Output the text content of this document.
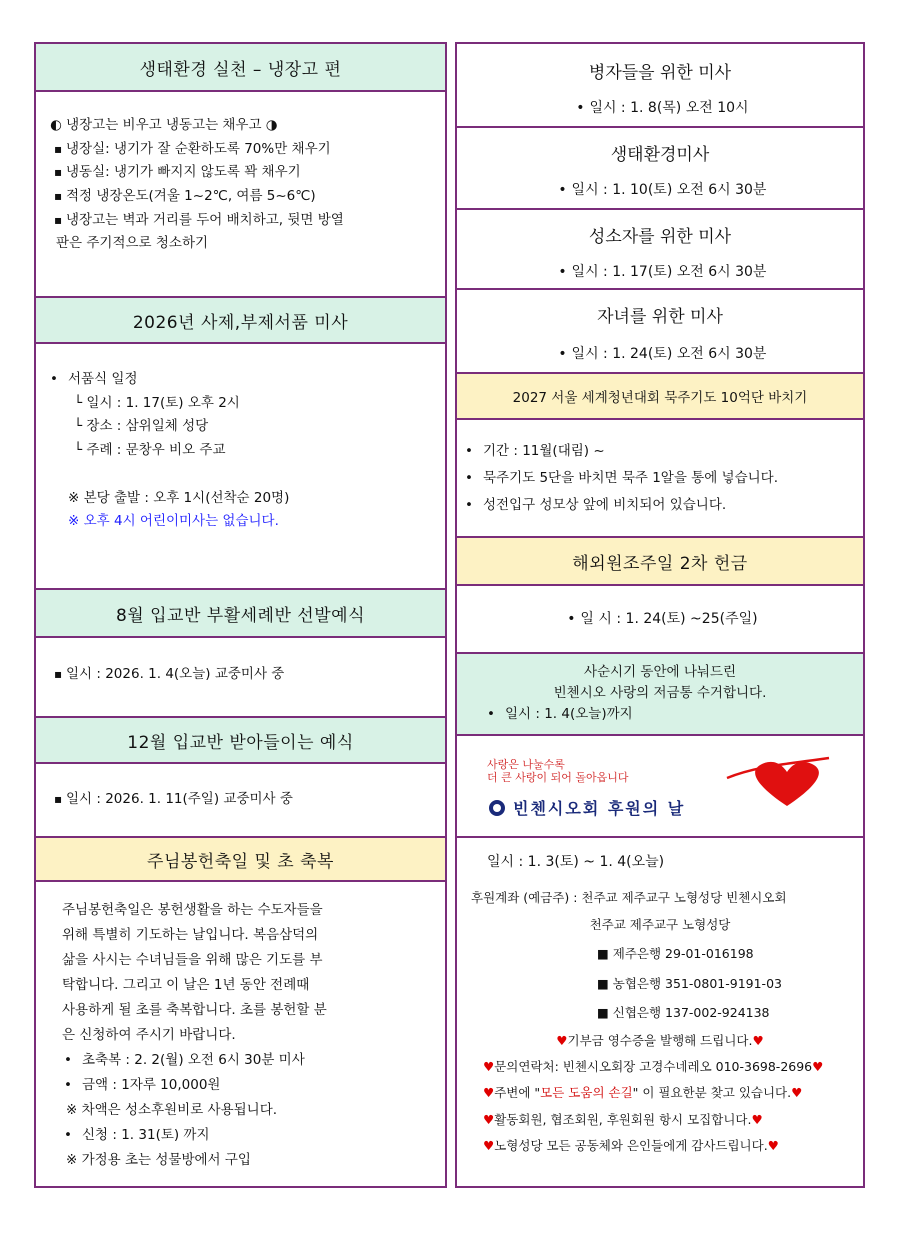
생태환경 실천 – 냉장고 편
◐ 냉장고는 비우고 냉동고는 채우고 ◑
▪ 냉장실: 냉기가 잘 순환하도록 70%만 채우기
▪ 냉동실: 냉기가 빠지지 않도록 꽉 채우기
▪ 적정 냉장온도(겨울 1~2℃, 여름 5~6℃)
▪ 냉장고는 벽과 거리를 두어 배치하고, 뒷면 방열
판은 주기적으로 청소하기
2026년 사제,부제서품 미사
• 서품식 일정
└ 일시 : 1. 17(토) 오후 2시
└ 장소 : 삼위일체 성당
└ 주례 : 문창우 비오 주교
※ 본당 출발 : 오후 1시(선착순 20명)
※ 오후 4시 어린이미사는 없습니다.
8월 입교반 부활세례반 선발예식
▪ 일시 : 2026. 1. 4(오늘) 교중미사 중
12월 입교반 받아들이는 예식
▪ 일시 : 2026. 1. 11(주일) 교중미사 중
주님봉헌축일 및 초 축복
주님봉헌축일은 봉헌생활을 하는 수도자들을
위해 특별히 기도하는 날입니다. 복음삼덕의
삶을 사시는 수녀님들을 위해 많은 기도를 부
탁합니다. 그리고 이 날은 1년 동안 전례때
사용하게 될 초를 축복합니다. 초를 봉헌할 분
은 신청하여 주시기 바랍니다.
• 초축복 : 2. 2(월) 오전 6시 30분 미사
• 금액 : 1자루 10,000원
※ 차액은 성소후원비로 사용됩니다.
• 신청 : 1. 31(토) 까지
※ 가정용 초는 성물방에서 구입
병자들을 위한 미사
• 일시 : 1. 8(목) 오전 10시
생태환경미사
• 일시 : 1. 10(토) 오전 6시 30분
성소자를 위한 미사
• 일시 : 1. 17(토) 오전 6시 30분
자녀를 위한 미사
• 일시 : 1. 24(토) 오전 6시 30분
2027 서울 세계청년대회 묵주기도 10억단 바치기
• 기간 : 11월(대림) ~
• 묵주기도 5단을 바치면 묵주 1알을 통에 넣습니다.
• 성전입구 성모상 앞에 비치되어 있습니다.
해외원조주일 2차 헌금
• 일 시 : 1. 24(토) ~25(주일)
사순시기 동안에 나눠드린
빈첸시오 사랑의 저금통 수거합니다.
• 일시 : 1. 4(오늘)까지
사랑은 나눌수록
더 큰 사랑이 되어 돌아옵니다
빈첸시오회 후원의 날
일시 : 1. 3(토) ~ 1. 4(오늘)
후원계좌 (예금주) : 천주교 제주교구 노형성당 빈첸시오회
천주교 제주교구 노형성당
■ 제주은행 29-01-016198
■ 농협은행 351-0801-9191-03
■ 신협은행 137-002-924138
♥기부금 영수증을 발행해 드립니다.♥
♥문의연락처: 빈첸시오회장 고경수네레오 010-3698-2696♥
♥주변에 "모든 도움의 손길" 이 필요한분 찾고 있습니다.♥
♥활동회원, 협조회원, 후원회원 항시 모집합니다.♥
♥노형성당 모든 공동체와 은인들에게 감사드립니다.♥
